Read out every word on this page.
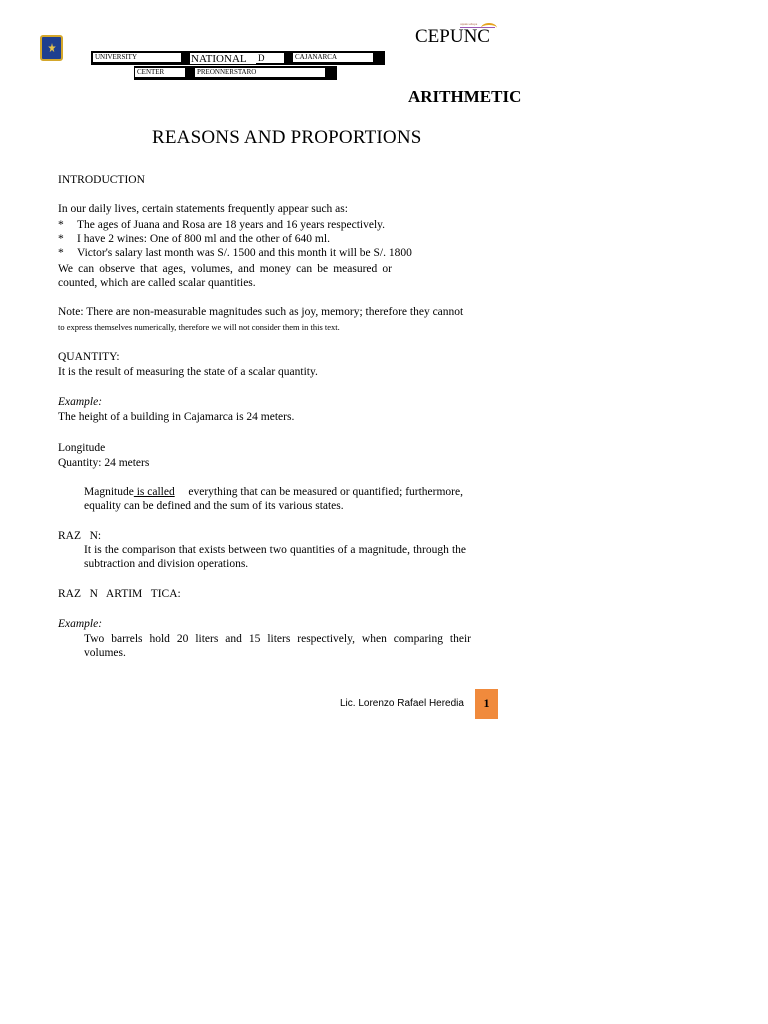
UNIVERSITY	NATIONAL	D	CAJANARCA
CENTER	PREONNERSTARO
cepunc.edu.pe
CEPUNC
ARITHMETIC
REASONS AND PROPORTIONS
INTRODUCTION
In our daily lives, certain statements frequently appear such as:
* The ages of Juana and Rosa are 18 years and 16 years respectively.
* I have 2 wines: One of 800 ml and the other of 640 ml.
* Victor's salary last month was S/. 1500 and this month it will be S/. 1800
We can observe that ages, volumes, and money can be measured or
counted, which are called scalar quantities.
Note: There are non-measurable magnitudes such as joy, memory; therefore they cannot
to express themselves numerically, therefore we will not consider them in this text.
QUANTITY:
It is the result of measuring the state of a scalar quantity.
Example:
The height of a building in Cajamarca is 24 meters.
Longitude
Quantity: 24 meters
Magnitude is called everything that can be measured or quantified; furthermore,
equality can be defined and the sum of its various states.
RAZ   N:
It is the comparison that exists between two quantities of a magnitude, through the
subtraction and division operations.
RAZ   N   ARTIM   TICA:
Example:
Two barrels hold 20 liters and 15 liters respectively, when comparing their
volumes.
Lic. Lorenzo Rafael Heredia	1
